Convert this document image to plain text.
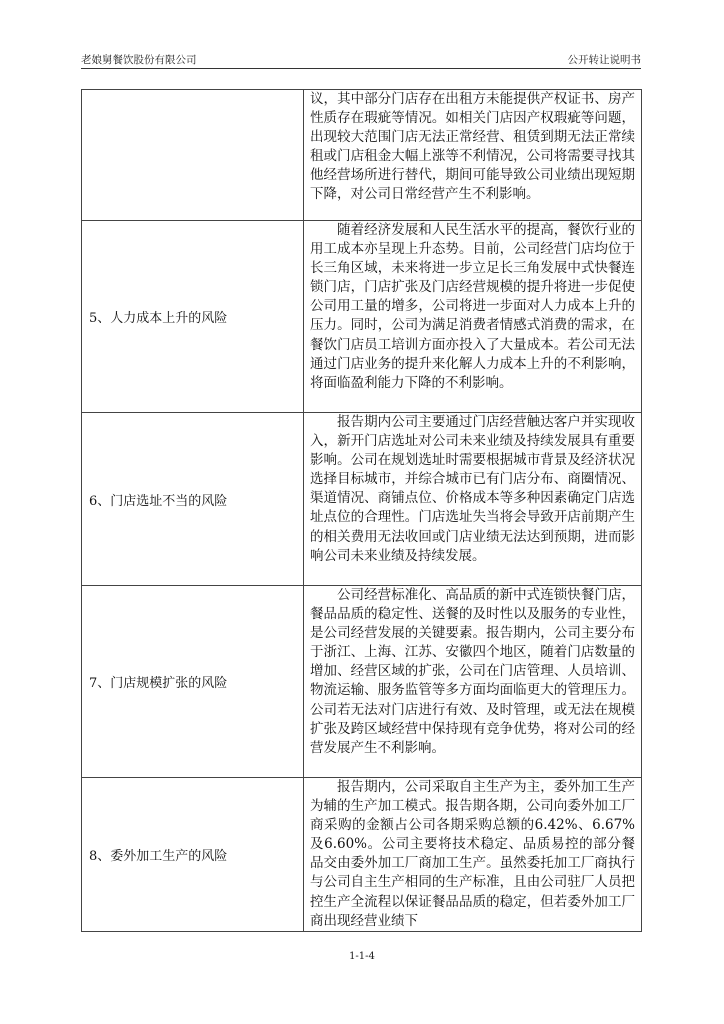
老娘舅餐饮股份有限公司	公开转让说明书

	议，其中部分门店存在出租方未能提供产权证书、房产性质存在瑕疵等情况。如相关门店因产权瑕疵等问题，出现较大范围门店无法正常经营、租赁到期无法正常续租或门店租金大幅上涨等不利情况，公司将需要寻找其他经营场所进行替代，期间可能导致公司业绩出现短期下降，对公司日常经营产生不利影响。

5、人力成本上升的风险	随着经济发展和人民生活水平的提高，餐饮行业的用工成本亦呈现上升态势。目前，公司经营门店均位于长三角区域，未来将进一步立足长三角发展中式快餐连锁门店，门店扩张及门店经营规模的提升将进一步促使公司用工量的增多，公司将进一步面对人力成本上升的压力。同时，公司为满足消费者情感式消费的需求，在餐饮门店员工培训方面亦投入了大量成本。若公司无法通过门店业务的提升来化解人力成本上升的不利影响，将面临盈利能力下降的不利影响。

6、门店选址不当的风险	报告期内公司主要通过门店经营触达客户并实现收入，新开门店选址对公司未来业绩及持续发展具有重要影响。公司在规划选址时需要根据城市背景及经济状况选择目标城市，并综合城市已有门店分布、商圈情况、渠道情况、商铺点位、价格成本等多种因素确定门店选址点位的合理性。门店选址失当将会导致开店前期产生的相关费用无法收回或门店业绩无法达到预期，进而影响公司未来业绩及持续发展。

7、门店规模扩张的风险	公司经营标准化、高品质的新中式连锁快餐门店，餐品品质的稳定性、送餐的及时性以及服务的专业性，是公司经营发展的关键要素。报告期内，公司主要分布于浙江、上海、江苏、安徽四个地区，随着门店数量的增加、经营区域的扩张，公司在门店管理、人员培训、物流运输、服务监管等多方面均面临更大的管理压力。公司若无法对门店进行有效、及时管理，或无法在规模扩张及跨区域经营中保持现有竞争优势，将对公司的经营发展产生不利影响。

8、委外加工生产的风险	报告期内，公司采取自主生产为主，委外加工生产为辅的生产加工模式。报告期各期，公司向委外加工厂商采购的金额占公司各期采购总额的6.42%、6.67%及6.60%。公司主要将技术稳定、品质易控的部分餐品交由委外加工厂商加工生产。虽然委托加工厂商执行与公司自主生产相同的生产标准，且由公司驻厂人员把控生产全流程以保证餐品品质的稳定，但若委外加工厂商出现经营业绩下

1-1-4
